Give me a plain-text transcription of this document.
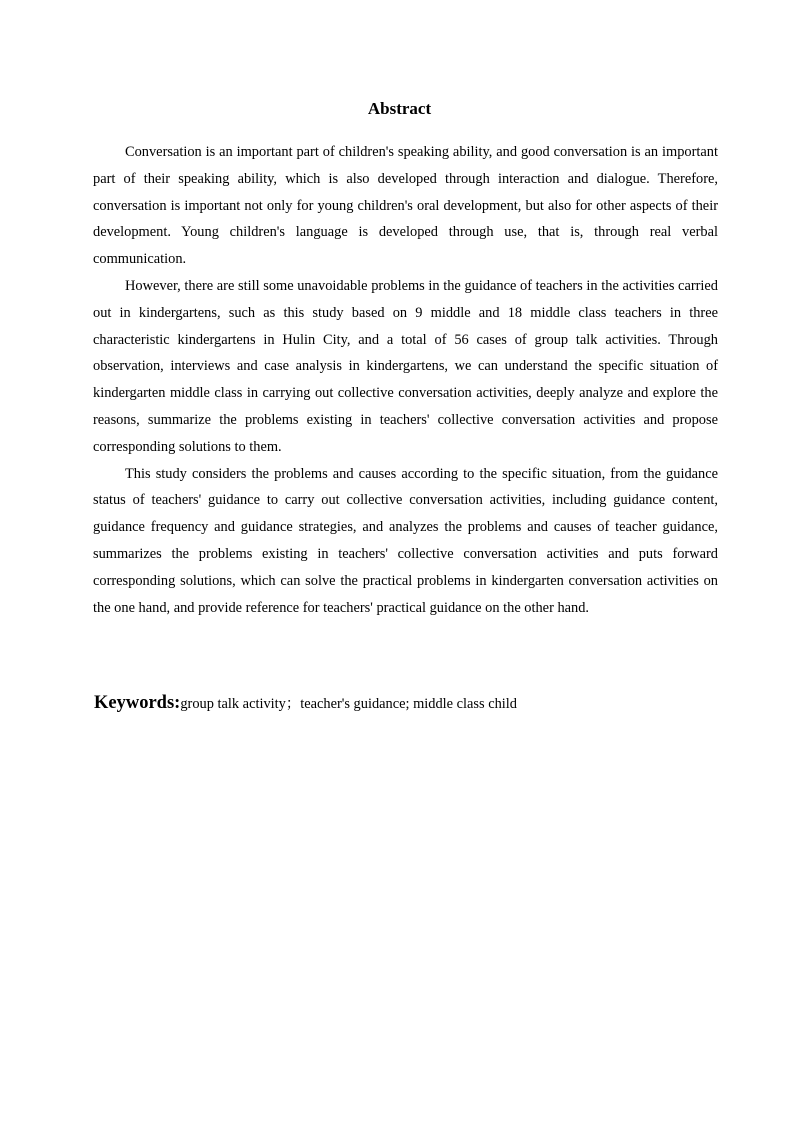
Abstract

Conversation is an important part of children's speaking ability, and good conversation is an important part of their speaking ability, which is also developed through interaction and dialogue. Therefore, conversation is important not only for young children's oral development, but also for other aspects of their development. Young children's language is developed through use, that is, through real verbal communication.

However, there are still some unavoidable problems in the guidance of teachers in the activities carried out in kindergartens, such as this study based on 9 middle and 18 middle class teachers in three characteristic kindergartens in Hulin City, and a total of 56 cases of group talk activities. Through observation, interviews and case analysis in kindergartens, we can understand the specific situation of kindergarten middle class in carrying out collective conversation activities, deeply analyze and explore the reasons, summarize the problems existing in teachers' collective conversation activities and propose corresponding solutions to them.

This study considers the problems and causes according to the specific situation, from the guidance status of teachers' guidance to carry out collective conversation activities, including guidance content, guidance frequency and guidance strategies, and analyzes the problems and causes of teacher guidance, summarizes the problems existing in teachers' collective conversation activities and puts forward corresponding solutions, which can solve the practical problems in kindergarten conversation activities on the one hand, and provide reference for teachers' practical guidance on the other hand.

Keywords:group talk activity；teacher's guidance; middle class child
